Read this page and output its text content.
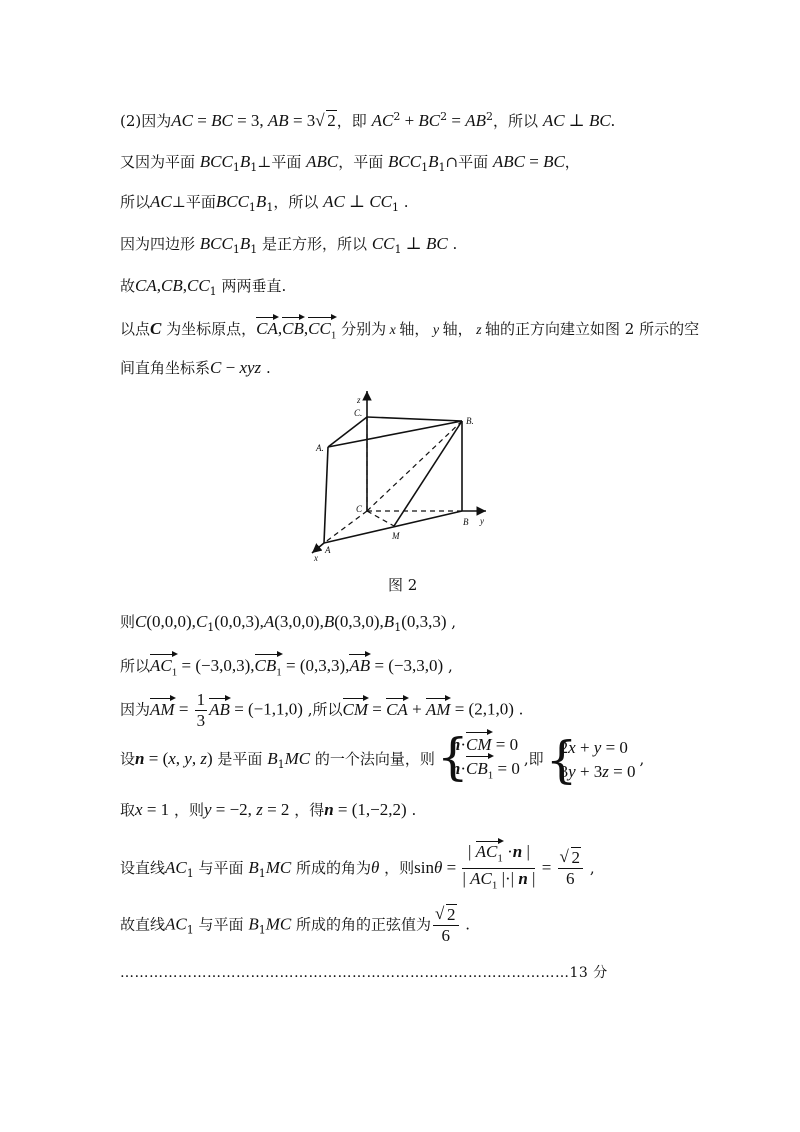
(2)因为AC = BC = 3, AB = 3 √ 2，即 $AC^2 + BC^2 = AB^2$，所以 AC ⊥ BC.
又因为平面 $BCC_1B_1\perp$平面 ABC，平面 $BCC_1B_1\cap$平面 ABC = BC，
所以AC⊥平面$BCC_1B_1$，所以 AC ⊥ $CC_1$ .
因为四边形 $BCC_1B_1$ 是正方形，所以 $CC_1$ ⊥ BC .
故$CA,CB,CC_1$ 两两垂直.
以点C 为坐标原点，$CA,CB,CC_1$ 分别为 x 轴， y 轴， z 轴的正方向建立如图 2 所示的空
间直角坐标系C − xyz .
z
C.
B.
A.
C
A
M
B y
x
图 2
则$C(0,0,0),C_1(0,0,3),A(3,0,0),B(0,3,0),B_1(0,3,3)$ ,
所以$AC_1 = (-3,0,3),CB_1 = (0,3,3),AB = (-3,3,0)$ ,
因为AM = $\frac{1}{3}$ AB = (−1,1,0) ,所以CM = CA + AM = (2,1,0) .
设n = (x, y, z) 是平面 $B_1MC$ 的一个法向量，则
{ n·CM = 0
$n\cdot CB_1 = 0$ ,即
{ 2x + y = 0
3y + 3z = 0
,
取x = 1 ，则y = −2, z = 2 ，得n = (1,−2,2) .
设直线$AC_1$ 与平面 $B_1MC$ 所成的角为θ ，则$\sin\theta = \frac{| AC_1 \cdot n |}{| AC_1 |\cdot| n |} = \frac{√ 2}{6}$ ,
故直线$AC_1$ 与平面 $B_1MC$ 所成的角的正弦值为 $\frac{√ 2}{6}$ .
…………………………………………………………………………………13 分
